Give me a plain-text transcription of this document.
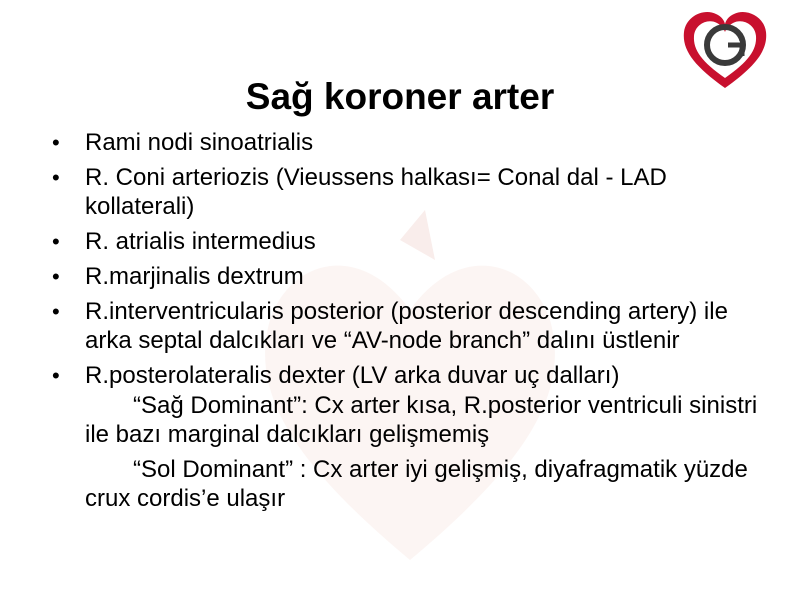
Sağ koroner arter
• Rami nodi sinoatrialis
• R. Coni arteriozis (Vieussens halkası= Conal dal - LAD kollaterali)
• R. atrialis intermedius
• R.marjinalis dextrum
• R.interventricularis posterior (posterior descending artery) ile arka septal dalcıkları ve “AV-node branch” dalını üstlenir
• R.posterolateralis dexter (LV arka duvar uç dalları)
“Sağ Dominant”: Cx arter kısa, R.posterior ventriculi sinistri ile bazı marginal dalcıkları gelişmemiş
“Sol Dominant” : Cx arter iyi gelişmiş, diyafragmatik yüzde crux cordis’e ulaşır
